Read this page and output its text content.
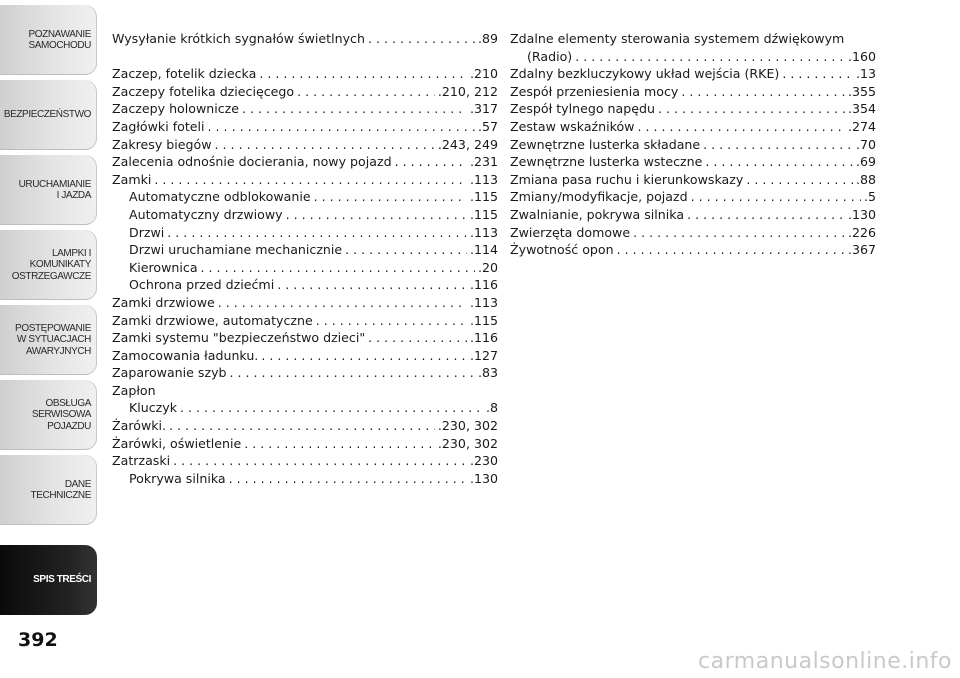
POZNAWANIE
SAMOCHODU
BEZPIECZEŃSTWO
URUCHAMIANIE
I JAZDA
LAMPKI I
KOMUNIKATY
OSTRZEGAWCZE
POSTĘPOWANIE
W SYTUACJACH
AWARYJNYCH
OBSŁUGA
SERWISOWA
POJAZDU
DANE
TECHNICZNE
SPIS TREŚCI
392
Wysyłanie krótkich sygnałów świetlnych . . .	.89
Zaczep, fotelik dziecka . . .	.210
Zaczepy fotelika dziecięcego . . .	.210, 212
Zaczepy holownicze . . .	.317
Zagłówki foteli . . .	.57
Zakresy biegów . . .	.243, 249
Zalecenia odnośnie docierania, nowy pojazd . . .	.231
Zamki . . .	.113
Automatyczne odblokowanie . . .	.115
Automatyczny drzwiowy . . .	.115
Drzwi . . .	.113
Drzwi uruchamiane mechanicznie . . .	.114
Kierownica . . .	.20
Ochrona przed dziećmi . . .	.116
Zamki drzwiowe . . .	.113
Zamki drzwiowe, automatyczne . . .	.115
Zamki systemu "bezpieczeństwo dzieci" . . .	.116
Zamocowania ładunku. . . .	.127
Zaparowanie szyb . . .	.83
Zapłon
Kluczyk . . .	.8
Żarówki. . . .	.230, 302
Żarówki, oświetlenie . . .	.230, 302
Zatrzaski . . .	.230
Pokrywa silnika . . .	.130
Zdalne elementy sterowania systemem dźwiękowym
(Radio) . . .	.160
Zdalny bezkluczykowy układ wejścia (RKE) . . .	.13
Zespół przeniesienia mocy . . .	.355
Zespół tylnego napędu . . .	.354
Zestaw wskaźników . . .	.274
Zewnętrzne lusterka składane . . .	.70
Zewnętrzne lusterka wsteczne . . .	.69
Zmiana pasa ruchu i kierunkowskazy . . .	.88
Zmiany/modyfikacje, pojazd . . .	.5
Zwalnianie, pokrywa silnika . . .	.130
Zwierzęta domowe . . .	.226
Żywotność opon . . .	.367
carmanualsonline.info
